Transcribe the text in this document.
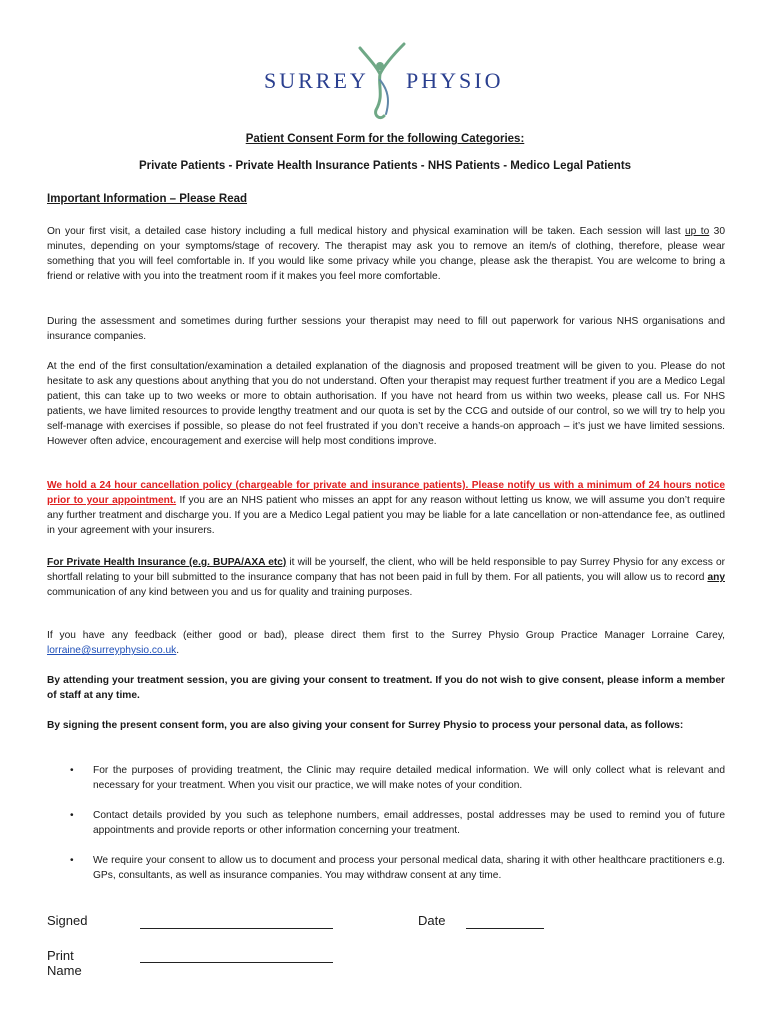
SURREY PHYSIO
Patient Consent Form for the following Categories:
Private Patients - Private Health Insurance Patients - NHS Patients - Medico Legal Patients
Important Information – Please Read
On your first visit, a detailed case history including a full medical history and physical examination will be taken. Each session will last up to 30 minutes, depending on your symptoms/stage of recovery. The therapist may ask you to remove an item/s of clothing, therefore, please wear something that you will feel comfortable in. If you would like some privacy while you change, please ask the therapist. You are welcome to bring a friend or relative with you into the treatment room if it makes you feel more comfortable.
During the assessment and sometimes during further sessions your therapist may need to fill out paperwork for various NHS organisations and insurance companies.
At the end of the first consultation/examination a detailed explanation of the diagnosis and proposed treatment will be given to you. Please do not hesitate to ask any questions about anything that you do not understand. Often your therapist may request further treatment if you are a Medico Legal patient, this can take up to two weeks or more to obtain authorisation. If you have not heard from us within two weeks, please call us. For NHS patients, we have limited resources to provide lengthy treatment and our quota is set by the CCG and outside of our control, so we will try to help you self-manage with exercises if possible, so please do not feel frustrated if you don’t receive a hands-on approach – it’s just we have limited sessions. However often advice, encouragement and exercise will help most conditions improve.
We hold a 24 hour cancellation policy (chargeable for private and insurance patients). Please notify us with a minimum of 24 hours notice prior to your appointment. If you are an NHS patient who misses an appt for any reason without letting us know, we will assume you don’t require any further treatment and discharge you. If you are a Medico Legal patient you may be liable for a late cancellation or non-attendance fee, as outlined in your agreement with your insurers.
For Private Health Insurance (e.g. BUPA/AXA etc) it will be yourself, the client, who will be held responsible to pay Surrey Physio for any excess or shortfall relating to your bill submitted to the insurance company that has not been paid in full by them. For all patients, you will allow us to record any communication of any kind between you and us for quality and training purposes.
If you have any feedback (either good or bad), please direct them first to the Surrey Physio Group Practice Manager Lorraine Carey, lorraine@surreyphysio.co.uk.
By attending your treatment session, you are giving your consent to treatment. If you do not wish to give consent, please inform a member of staff at any time.
By signing the present consent form, you are also giving your consent for Surrey Physio to process your personal data, as follows:
• For the purposes of providing treatment, the Clinic may require detailed medical information. We will only collect what is relevant and necessary for your treatment. When you visit our practice, we will make notes of your condition.
• Contact details provided by you such as telephone numbers, email addresses, postal addresses may be used to remind you of future appointments and provide reports or other information concerning your treatment.
• We require your consent to allow us to document and process your personal medical data, sharing it with other healthcare practitioners e.g. GPs, consultants, as well as insurance companies. You may withdraw consent at any time.
Signed	Date
Print Name
